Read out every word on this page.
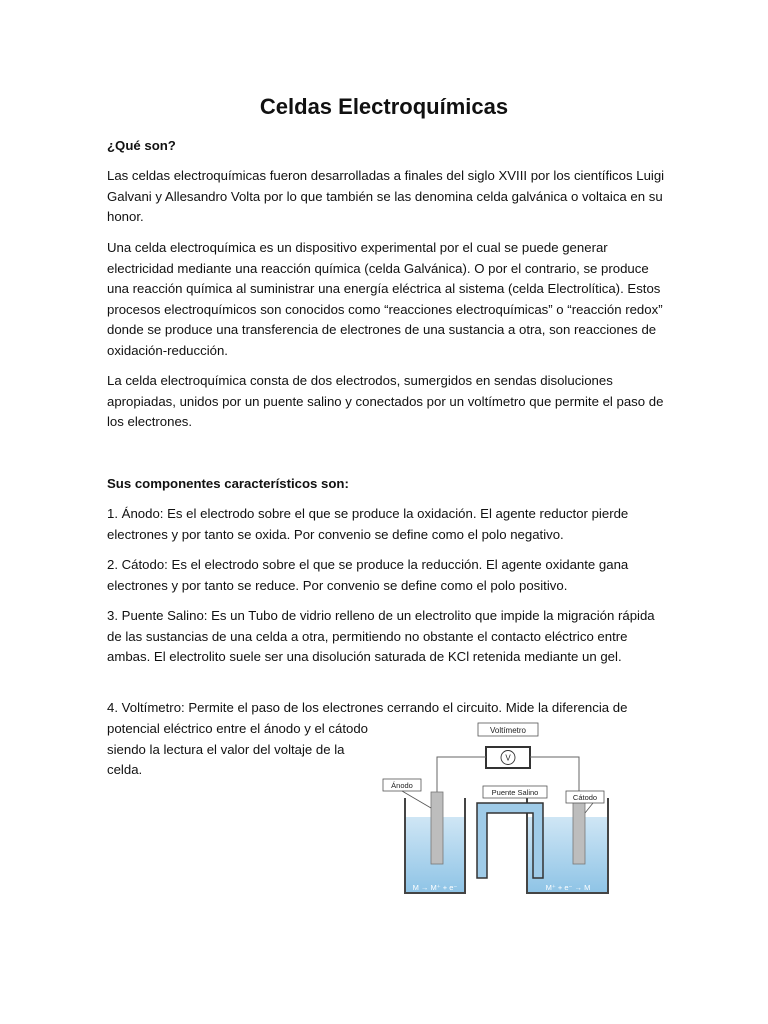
Celdas Electroquímicas

¿Qué son?

Las celdas electroquímicas fueron desarrolladas a finales del siglo XVIII por los científicos Luigi Galvani y Allesandro Volta por lo que también se las denomina celda galvánica o voltaica en su honor.

Una celda electroquímica es un dispositivo experimental por el cual se puede generar electricidad mediante una reacción química (celda Galvánica). O por el contrario, se produce una reacción química al suministrar una energía eléctrica al sistema (celda Electrolítica). Estos procesos electroquímicos son conocidos como “reacciones electroquímicas” o “reacción redox” donde se produce una transferencia de electrones de una sustancia a otra, son reacciones de oxidación-reducción.

La celda electroquímica consta de dos electrodos, sumergidos en sendas disoluciones apropiadas, unidos por un puente salino y conectados por un voltímetro que permite el paso de los electrones.

Sus componentes característicos son:

1. Ánodo: Es el electrodo sobre el que se produce la oxidación. El agente reductor pierde electrones y por tanto se oxida. Por convenio se define como el polo negativo.

2. Cátodo: Es el electrodo sobre el que se produce la reducción. El agente oxidante gana electrones y por tanto se reduce. Por convenio se define como el polo positivo.

3. Puente Salino: Es un Tubo de vidrio relleno de un electrolito que impide la migración rápida de las sustancias de una celda a otra, permitiendo no obstante el contacto eléctrico entre ambas. El electrolito suele ser una disolución saturada de KCl retenida mediante un gel.

4. Voltímetro: Permite el paso de los electrones cerrando el circuito. Mide la diferencia de

potencial eléctrico entre el ánodo y el cátodo siendo la lectura el valor del voltaje de la celda.

Voltímetro
V
Puente Salino
Ánodo
Cátodo
M → M⁺ + e⁻	M⁺ + e⁻ → M
